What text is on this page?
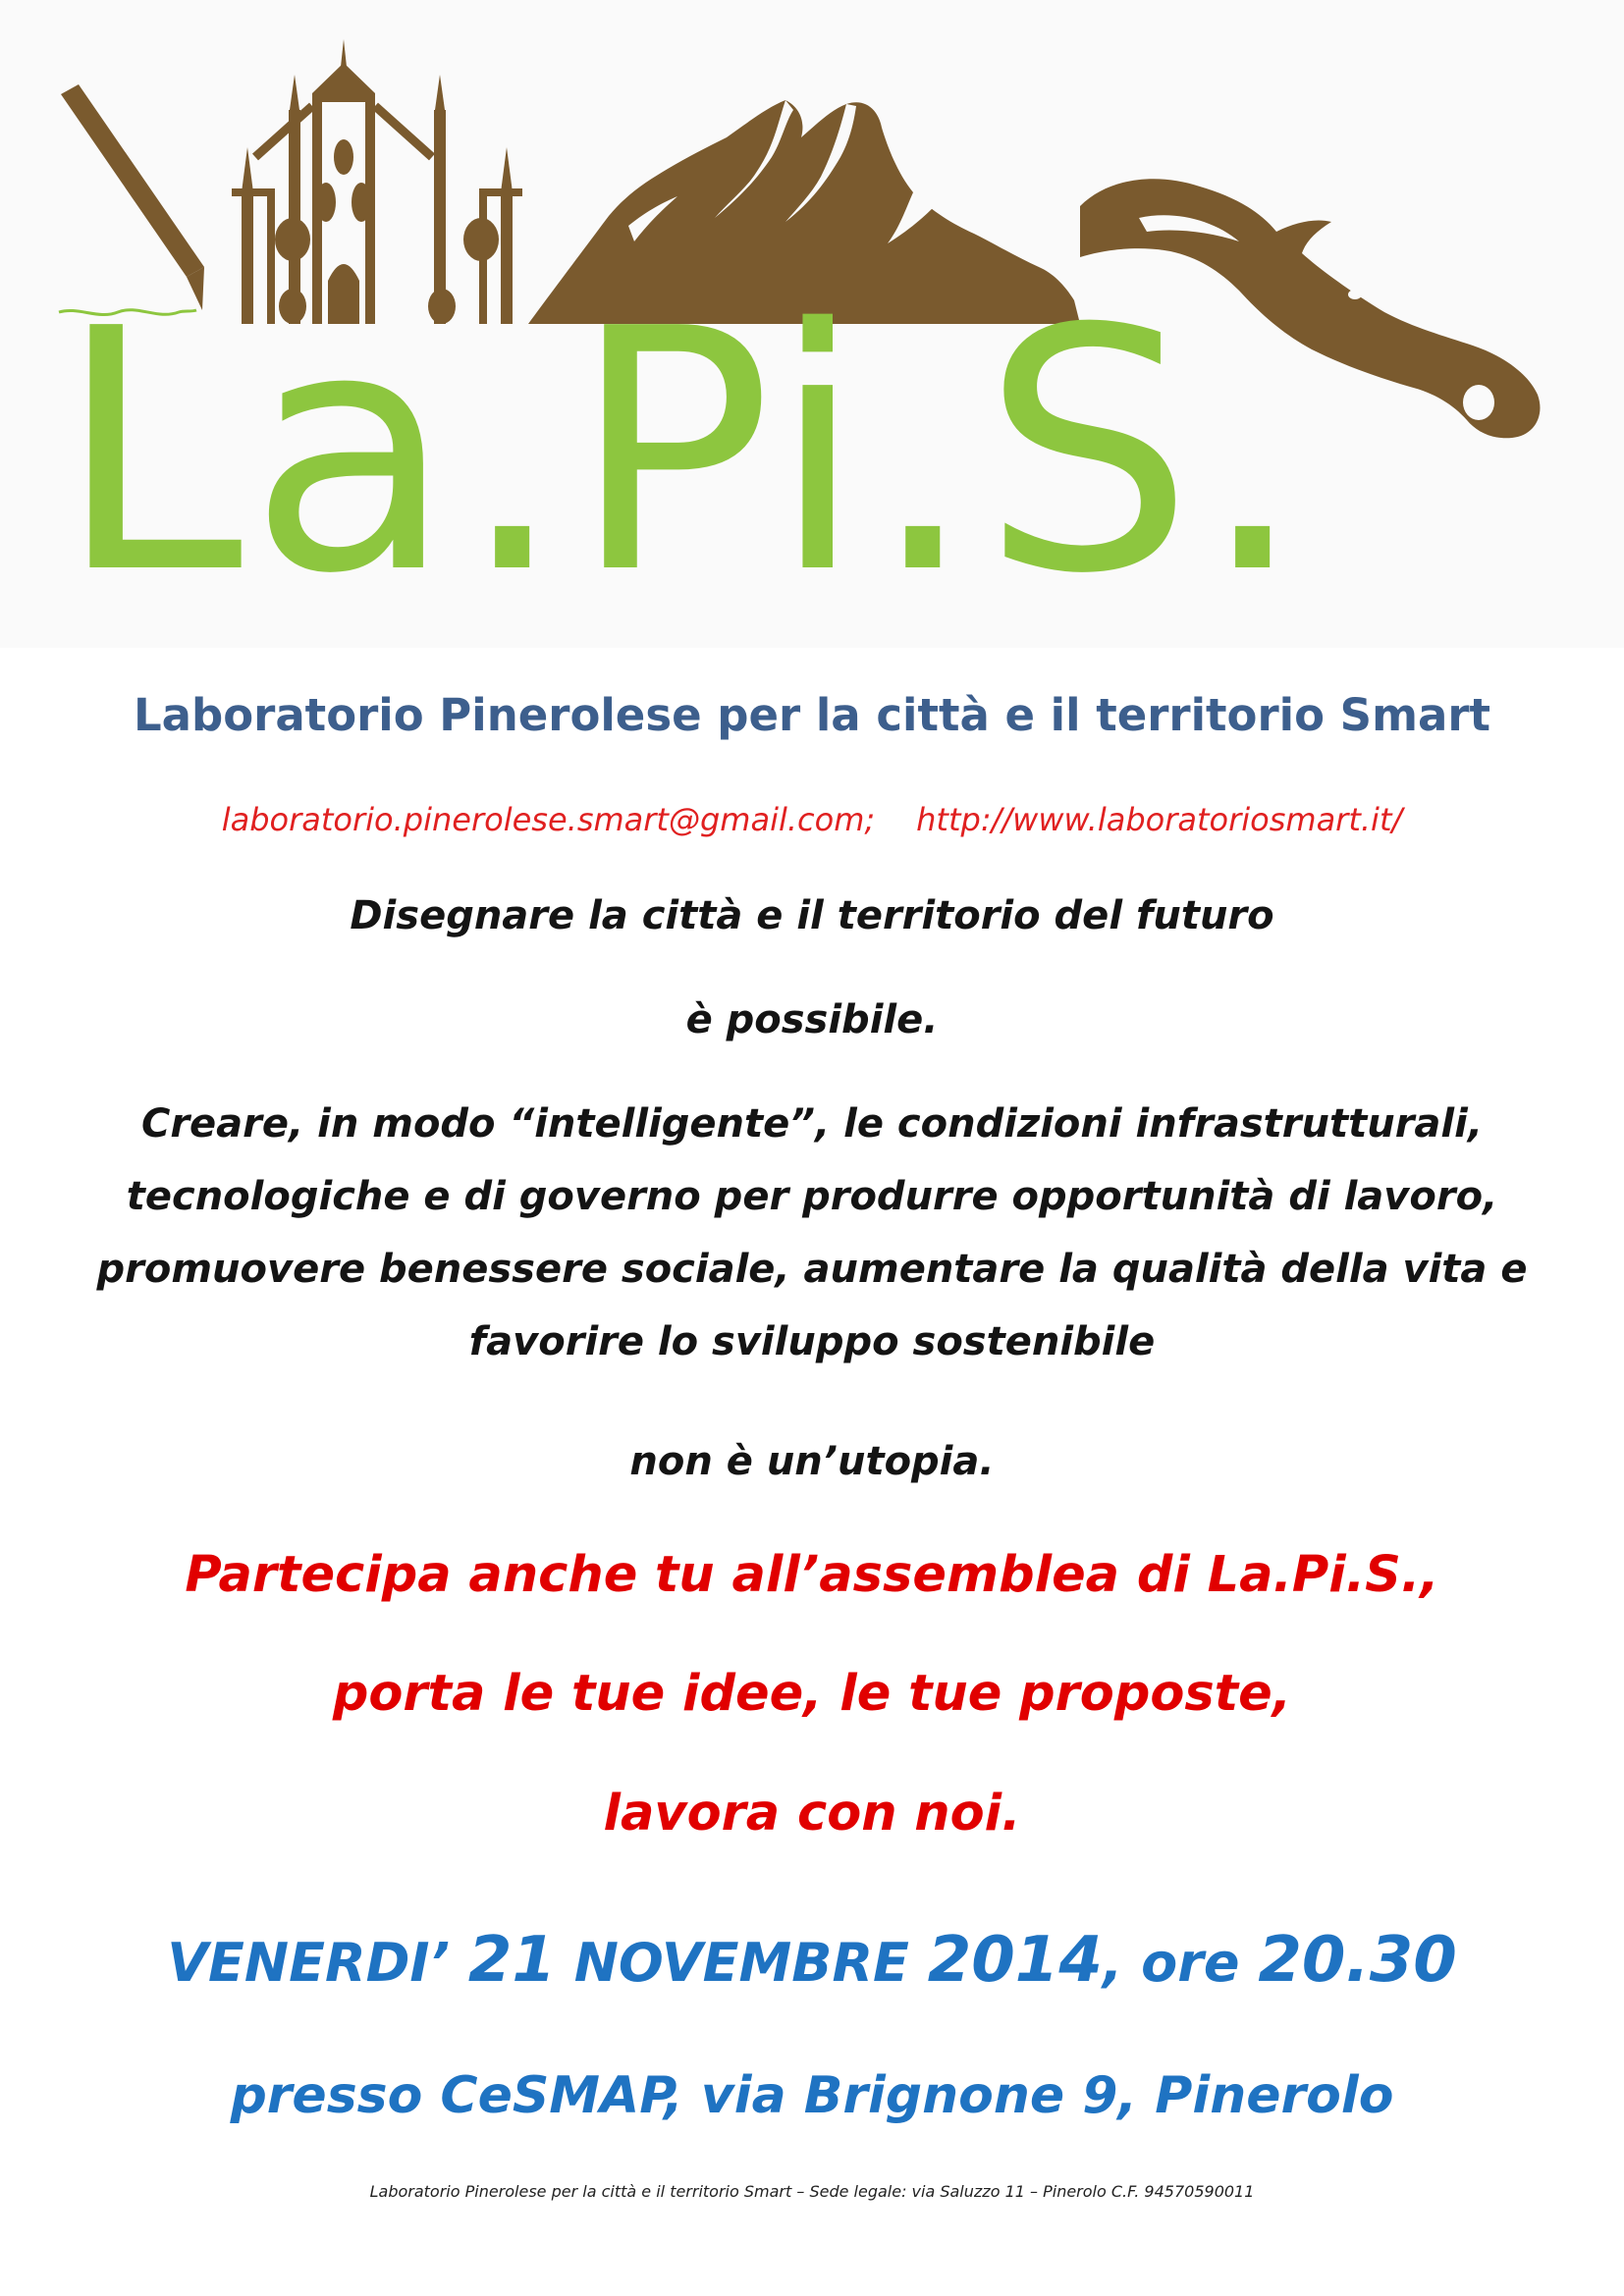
La.Pi.S.

Laboratorio Pinerolese per la città e il territorio Smart

laboratorio.pinerolese.smart@gmail.com; http://www.laboratoriosmart.it/

Disegnare la città e il territorio del futuro

è possibile.

Creare, in modo “intelligente”, le condizioni infrastrutturali,

tecnologiche e di governo per produrre opportunità di lavoro,

promuovere benessere sociale, aumentare la qualità della vita e

favorire lo sviluppo sostenibile

non è un’utopia.

Partecipa anche tu all’assemblea di La.Pi.S.,

porta le tue idee, le tue proposte,

lavora con noi.

VENERDI’ 21 NOVEMBRE 2014, ore 20.30

presso CeSMAP, via Brignone 9, Pinerolo

Laboratorio Pinerolese per la città e il territorio Smart – Sede legale: via Saluzzo 11 – Pinerolo C.F. 94570590011
